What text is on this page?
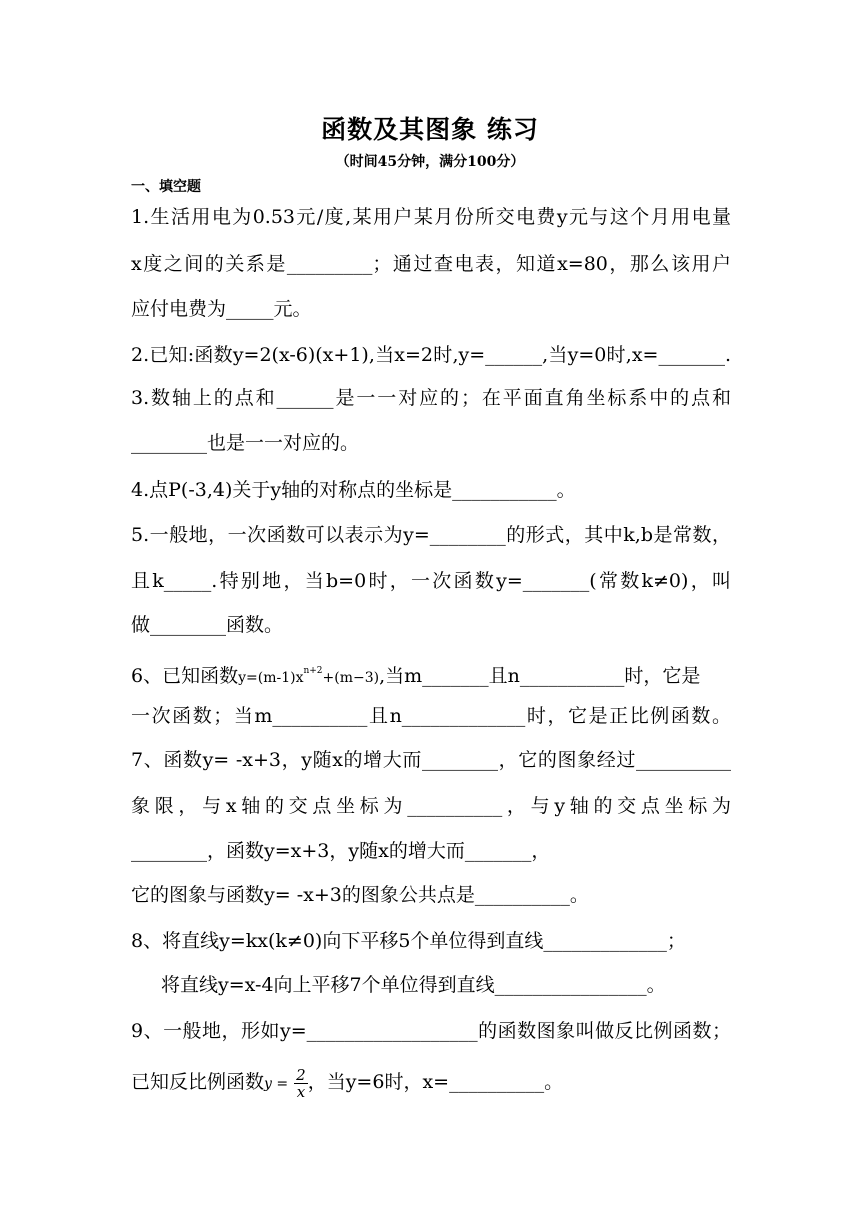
函数及其图象 练习
（时间45分钟，满分100分）
一、填空题
1.生活用电为0.53元/度,某用户某月份所交电费y元与这个月用电量
x度之间的关系是_________；通过查电表，知道x=80，那么该用户
应付电费为_____元。
2.已知:函数y=2(x-6)(x+1),当x=2时,y=______,当y=0时,x=_______.
3.数轴上的点和______是一一对应的；在平面直角坐标系中的点和
________也是一一对应的。
4.点P(-3,4)关于y轴的对称点的坐标是___________。
5.一般地，一次函数可以表示为y=________的形式，其中k,b是常数，
且k_____.特别地，当b=0时，一次函数y=_______(常数k≠0)，叫
做________函数。
6、已知函数$y=(m-1)x^{n+2}+(m-3)$,当m_______且n___________时，它是
一次函数；当m__________且n_____________时，它是正比例函数。
7、函数y= -x+3，y随x的增大而________，它的图象经过__________
象限，与x轴的交点坐标为__________，与y轴的交点坐标为
________，函数y=x+3，y随x的增大而_______，
它的图象与函数y= -x+3的图象公共点是__________。
8、将直线y=kx(k≠0)向下平移5个单位得到直线_____________；
将直线y=x-4向上平移7个单位得到直线________________。
9、一般地，形如y=__________________的函数图象叫做反比例函数；
已知反比例函数$y = \frac{2}{x}$ ，当y=6时，x=__________。
